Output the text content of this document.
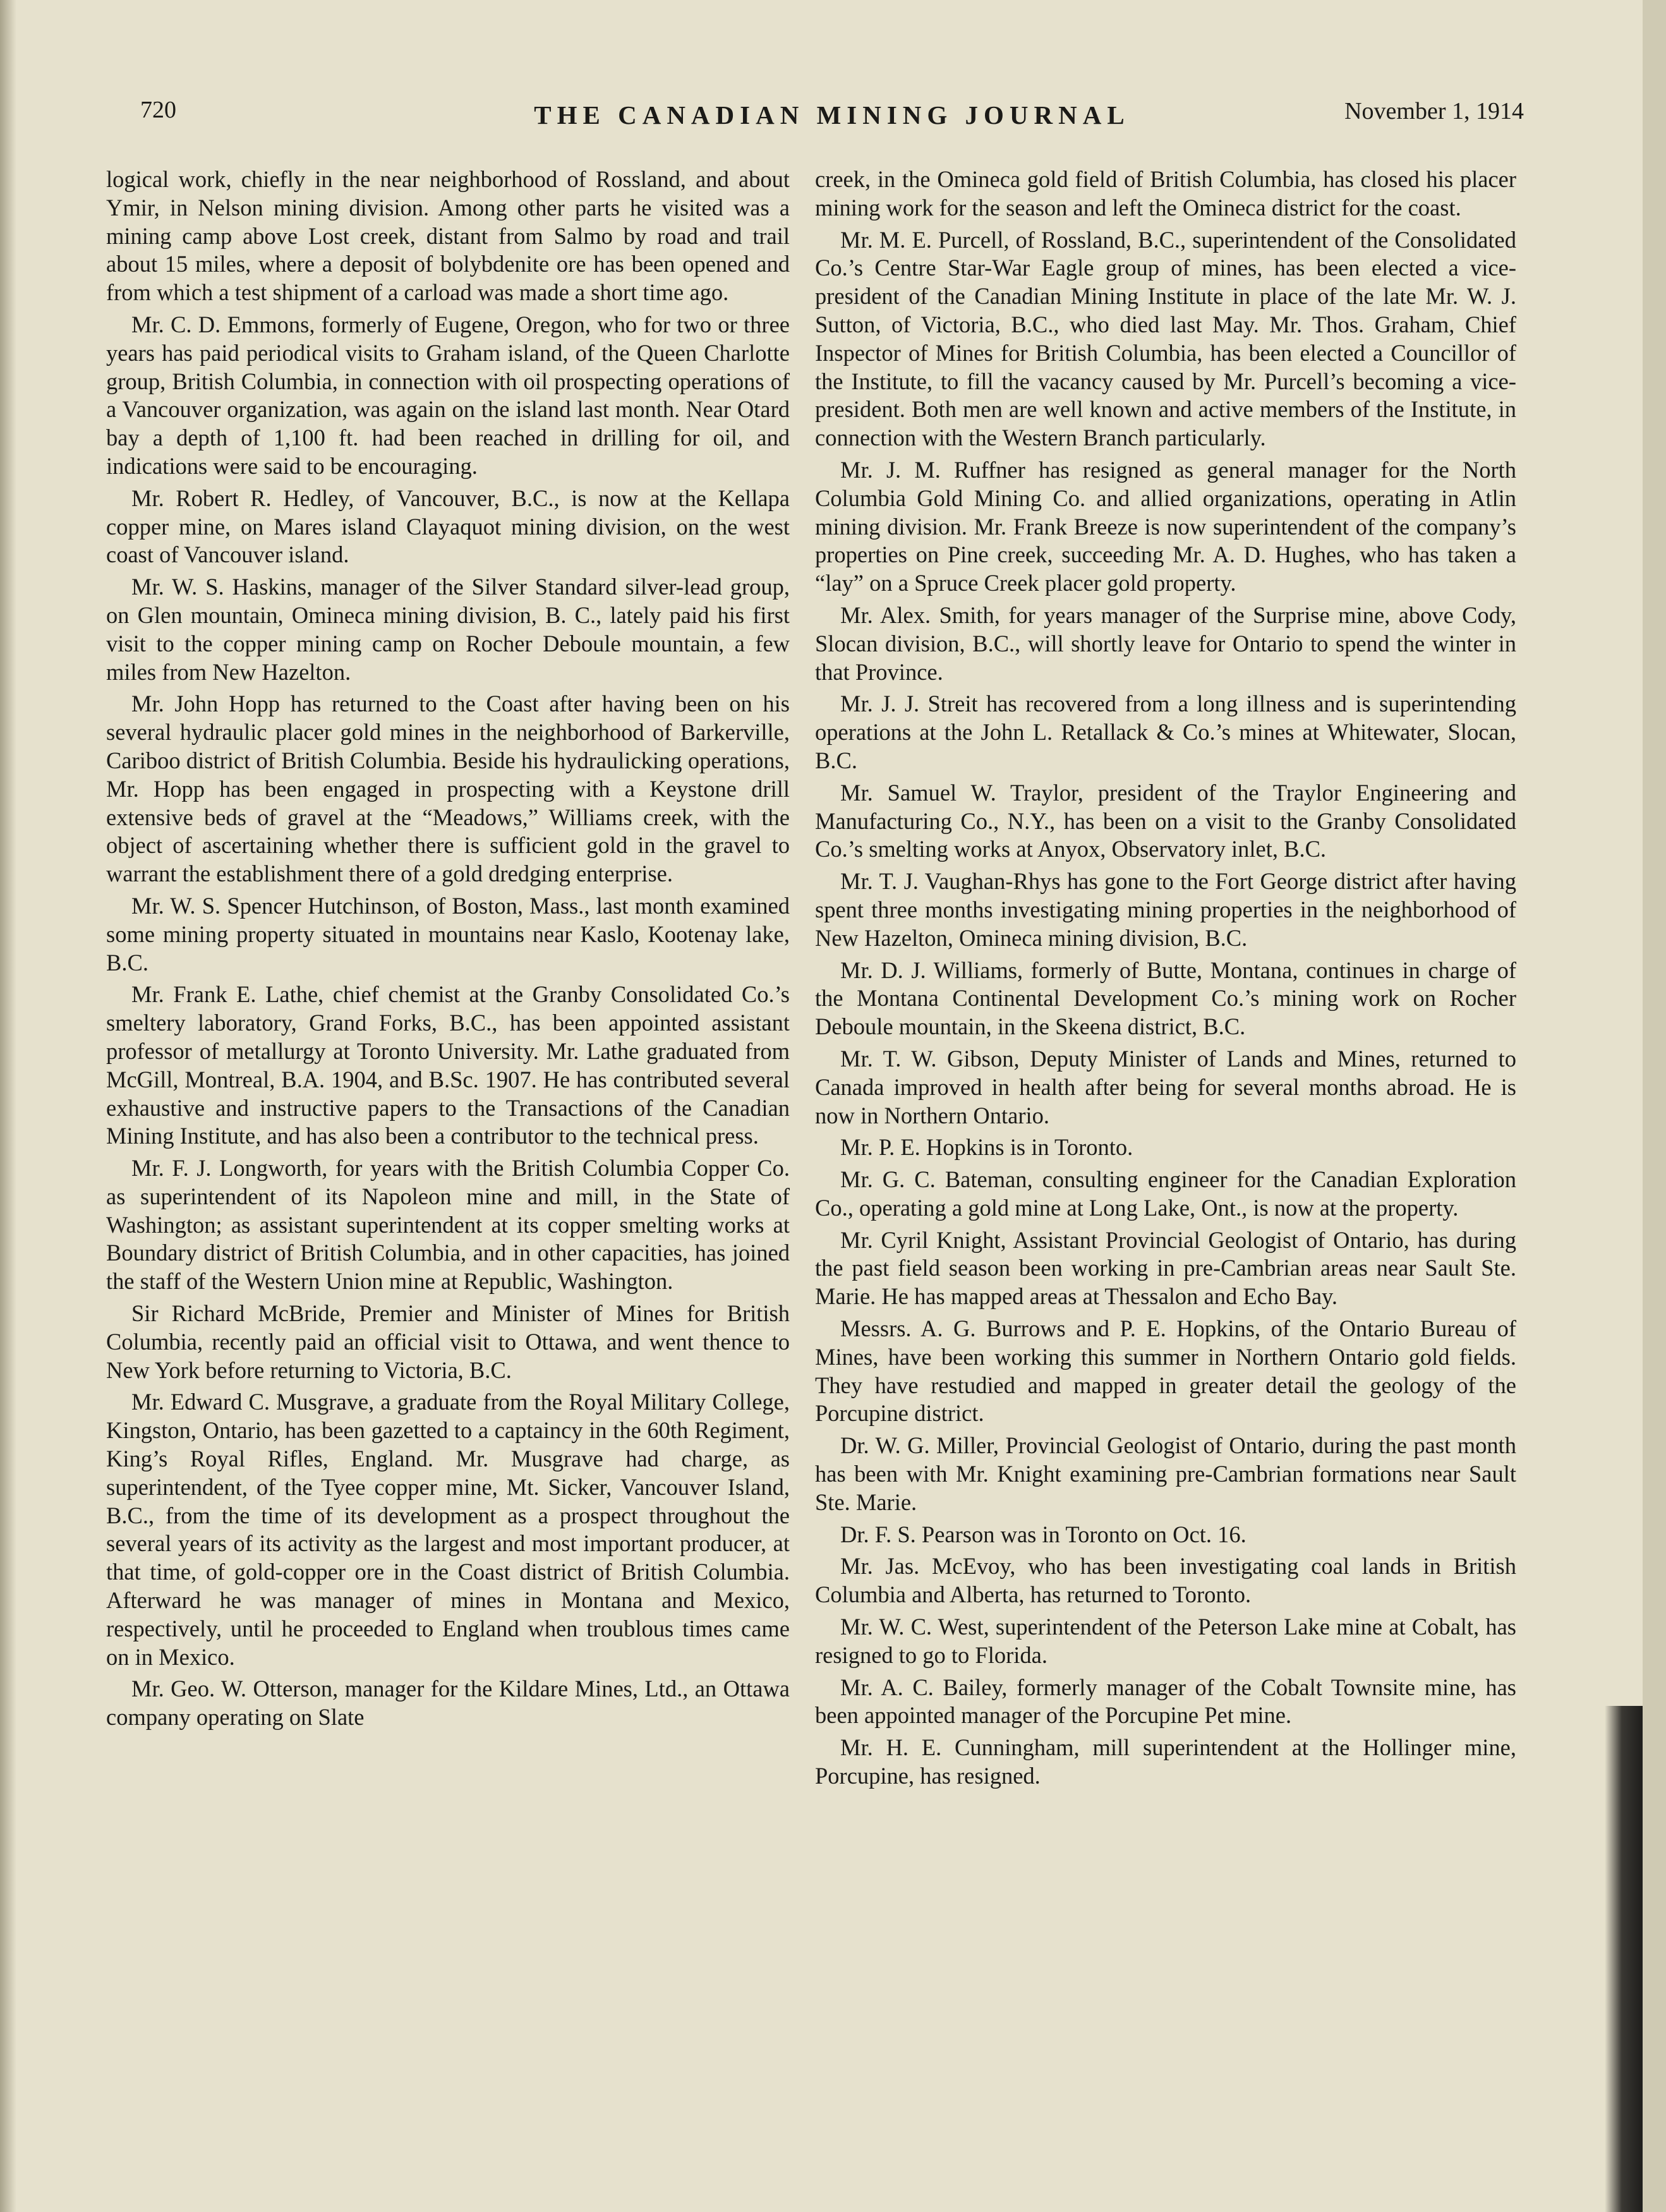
720	THE CANADIAN MINING JOURNAL	November 1, 1914

logical work, chiefly in the near neighborhood of Rossland, and about Ymir, in Nelson mining division. Among other parts he visited was a mining camp above Lost creek, distant from Salmo by road and trail about 15 miles, where a deposit of bolybdenite ore has been opened and from which a test shipment of a carload was made a short time ago.

Mr. C. D. Emmons, formerly of Eugene, Oregon, who for two or three years has paid periodical visits to Graham island, of the Queen Charlotte group, British Columbia, in connection with oil prospecting operations of a Vancouver organization, was again on the island last month. Near Otard bay a depth of 1,100 ft. had been reached in drilling for oil, and indications were said to be encouraging.

Mr. Robert R. Hedley, of Vancouver, B.C., is now at the Kellapa copper mine, on Mares island Clayaquot mining division, on the west coast of Vancouver island.

Mr. W. S. Haskins, manager of the Silver Standard silver-lead group, on Glen mountain, Omineca mining division, B. C., lately paid his first visit to the copper mining camp on Rocher Deboule mountain, a few miles from New Hazelton.

Mr. John Hopp has returned to the Coast after having been on his several hydraulic placer gold mines in the neighborhood of Barkerville, Cariboo district of British Columbia. Beside his hydraulicking operations, Mr. Hopp has been engaged in prospecting with a Keystone drill extensive beds of gravel at the “Meadows,” Williams creek, with the object of ascertaining whether there is sufficient gold in the gravel to warrant the establishment there of a gold dredging enterprise.

Mr. W. S. Spencer Hutchinson, of Boston, Mass., last month examined some mining property situated in mountains near Kaslo, Kootenay lake, B.C.

Mr. Frank E. Lathe, chief chemist at the Granby Consolidated Co.’s smeltery laboratory, Grand Forks, B.C., has been appointed assistant professor of metallurgy at Toronto University. Mr. Lathe graduated from McGill, Montreal, B.A. 1904, and B.Sc. 1907. He has contributed several exhaustive and instructive papers to the Transactions of the Canadian Mining Institute, and has also been a contributor to the technical press.

Mr. F. J. Longworth, for years with the British Columbia Copper Co. as superintendent of its Napoleon mine and mill, in the State of Washington; as assistant superintendent at its copper smelting works at Boundary district of British Columbia, and in other capacities, has joined the staff of the Western Union mine at Republic, Washington.

Sir Richard McBride, Premier and Minister of Mines for British Columbia, recently paid an official visit to Ottawa, and went thence to New York before returning to Victoria, B.C.

Mr. Edward C. Musgrave, a graduate from the Royal Military College, Kingston, Ontario, has been gazetted to a captaincy in the 60th Regiment, King’s Royal Rifles, England. Mr. Musgrave had charge, as superintendent, of the Tyee copper mine, Mt. Sicker, Vancouver Island, B.C., from the time of its development as a prospect throughout the several years of its activity as the largest and most important producer, at that time, of gold-copper ore in the Coast district of British Columbia. Afterward he was manager of mines in Montana and Mexico, respectively, until he proceeded to England when troublous times came on in Mexico.

Mr. Geo. W. Otterson, manager for the Kildare Mines, Ltd., an Ottawa company operating on Slate

creek, in the Omineca gold field of British Columbia, has closed his placer mining work for the season and left the Omineca district for the coast.

Mr. M. E. Purcell, of Rossland, B.C., superintendent of the Consolidated Co.’s Centre Star-War Eagle group of mines, has been elected a vice-president of the Canadian Mining Institute in place of the late Mr. W. J. Sutton, of Victoria, B.C., who died last May. Mr. Thos. Graham, Chief Inspector of Mines for British Columbia, has been elected a Councillor of the Institute, to fill the vacancy caused by Mr. Purcell’s becoming a vice-president. Both men are well known and active members of the Institute, in connection with the Western Branch particularly.

Mr. J. M. Ruffner has resigned as general manager for the North Columbia Gold Mining Co. and allied organizations, operating in Atlin mining division. Mr. Frank Breeze is now superintendent of the company’s properties on Pine creek, succeeding Mr. A. D. Hughes, who has taken a “lay” on a Spruce Creek placer gold property.

Mr. Alex. Smith, for years manager of the Surprise mine, above Cody, Slocan division, B.C., will shortly leave for Ontario to spend the winter in that Province.

Mr. J. J. Streit has recovered from a long illness and is superintending operations at the John L. Retallack & Co.’s mines at Whitewater, Slocan, B.C.

Mr. Samuel W. Traylor, president of the Traylor Engineering and Manufacturing Co., N.Y., has been on a visit to the Granby Consolidated Co.’s smelting works at Anyox, Observatory inlet, B.C.

Mr. T. J. Vaughan-Rhys has gone to the Fort George district after having spent three months investigating mining properties in the neighborhood of New Hazelton, Omineca mining division, B.C.

Mr. D. J. Williams, formerly of Butte, Montana, continues in charge of the Montana Continental Development Co.’s mining work on Rocher Deboule mountain, in the Skeena district, B.C.

Mr. T. W. Gibson, Deputy Minister of Lands and Mines, returned to Canada improved in health after being for several months abroad. He is now in Northern Ontario.

Mr. P. E. Hopkins is in Toronto.

Mr. G. C. Bateman, consulting engineer for the Canadian Exploration Co., operating a gold mine at Long Lake, Ont., is now at the property.

Mr. Cyril Knight, Assistant Provincial Geologist of Ontario, has during the past field season been working in pre-Cambrian areas near Sault Ste. Marie. He has mapped areas at Thessalon and Echo Bay.

Messrs. A. G. Burrows and P. E. Hopkins, of the Ontario Bureau of Mines, have been working this summer in Northern Ontario gold fields. They have restudied and mapped in greater detail the geology of the Porcupine district.

Dr. W. G. Miller, Provincial Geologist of Ontario, during the past month has been with Mr. Knight examining pre-Cambrian formations near Sault Ste. Marie.

Dr. F. S. Pearson was in Toronto on Oct. 16.

Mr. Jas. McEvoy, who has been investigating coal lands in British Columbia and Alberta, has returned to Toronto.

Mr. W. C. West, superintendent of the Peterson Lake mine at Cobalt, has resigned to go to Florida.

Mr. A. C. Bailey, formerly manager of the Cobalt Townsite mine, has been appointed manager of the Porcupine Pet mine.

Mr. H. E. Cunningham, mill superintendent at the Hollinger mine, Porcupine, has resigned.
